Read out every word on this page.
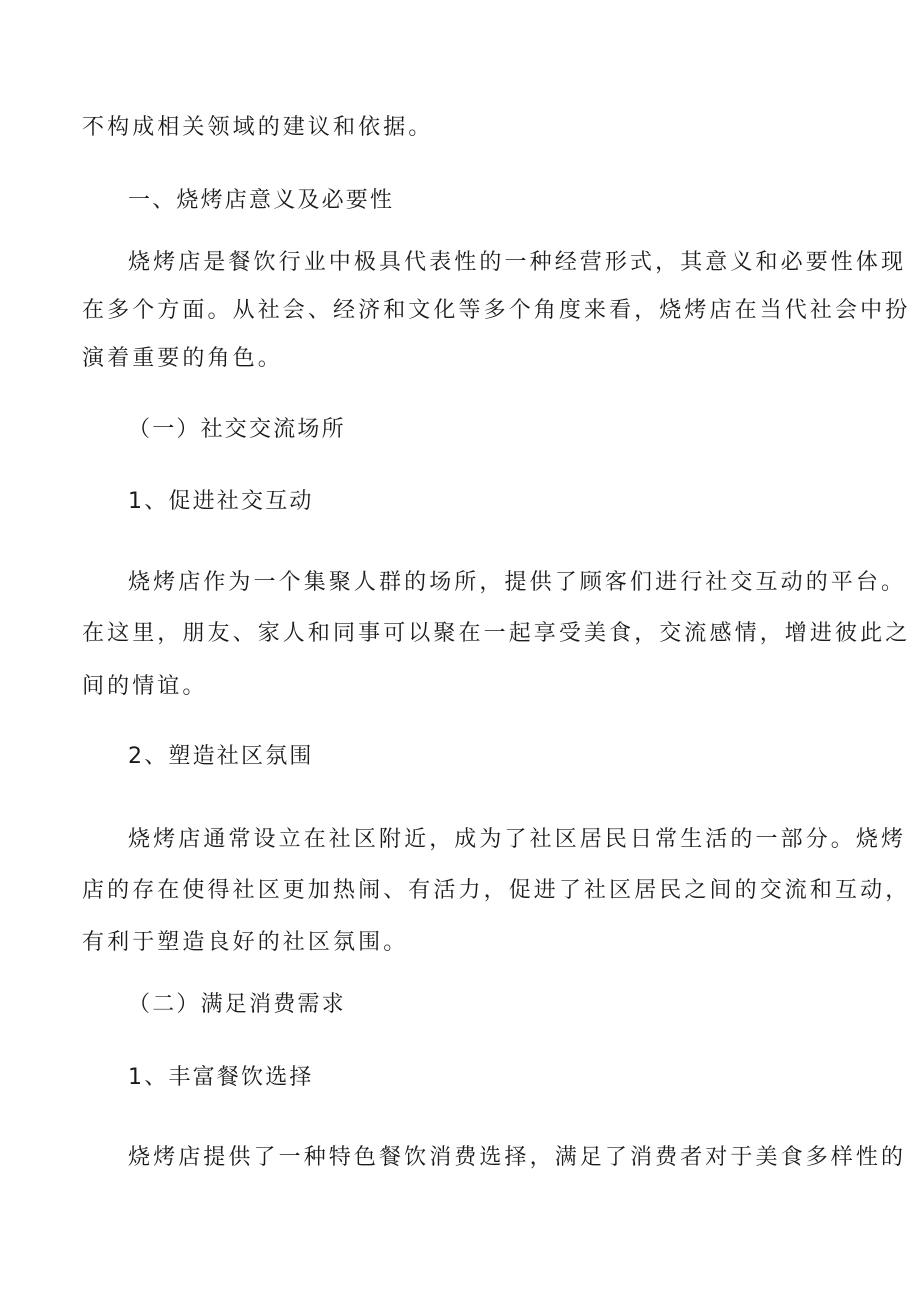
不构成相关领域的建议和依据。
一、烧烤店意义及必要性
烧烤店是餐饮行业中极具代表性的一种经营形式，其意义和必要性体现
在多个方面。从社会、经济和文化等多个角度来看，烧烤店在当代社会中扮
演着重要的角色。
（一）社交交流场所
1、促进社交互动
烧烤店作为一个集聚人群的场所，提供了顾客们进行社交互动的平台。
在这里，朋友、家人和同事可以聚在一起享受美食，交流感情，增进彼此之
间的情谊。
2、塑造社区氛围
烧烤店通常设立在社区附近，成为了社区居民日常生活的一部分。烧烤
店的存在使得社区更加热闹、有活力，促进了社区居民之间的交流和互动，
有利于塑造良好的社区氛围。
（二）满足消费需求
1、丰富餐饮选择
烧烤店提供了一种特色餐饮消费选择，满足了消费者对于美食多样性的
